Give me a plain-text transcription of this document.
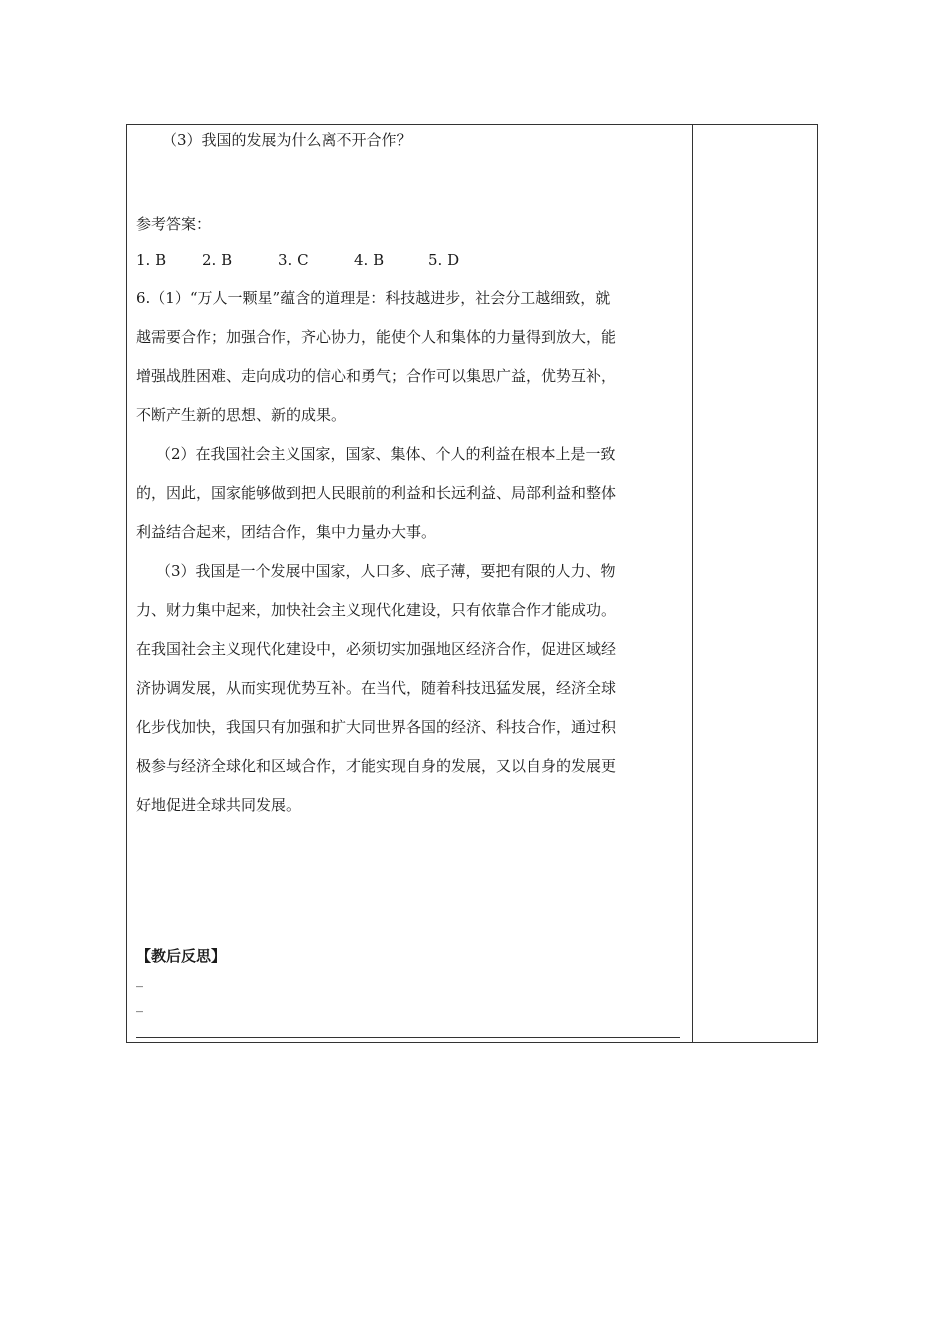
（3）我国的发展为什么离不开合作？
参考答案：
1. B 2. B	3. C	4. B	5. D
6.（1）“万人一颗星”蕴含的道理是：科技越进步，社会分工越细致，就
越需要合作；加强合作，齐心协力，能使个人和集体的力量得到放大，能
增强战胜困难、走向成功的信心和勇气；合作可以集思广益，优势互补，
不断产生新的思想、新的成果。
（2）在我国社会主义国家，国家、集体、个人的利益在根本上是一致
的，因此，国家能够做到把人民眼前的利益和长远利益、局部利益和整体
利益结合起来，团结合作，集中力量办大事。
（3）我国是一个发展中国家，人口多、底子薄，要把有限的人力、物
力、财力集中起来，加快社会主义现代化建设，只有依靠合作才能成功。
在我国社会主义现代化建设中，必须切实加强地区经济合作，促进区域经
济协调发展，从而实现优势互补。在当代，随着科技迅猛发展，经济全球
化步伐加快，我国只有加强和扩大同世界各国的经济、科技合作，通过积
极参与经济全球化和区域合作，才能实现自身的发展，又以自身的发展更
好地促进全球共同发展。
【教后反思】
_
_
